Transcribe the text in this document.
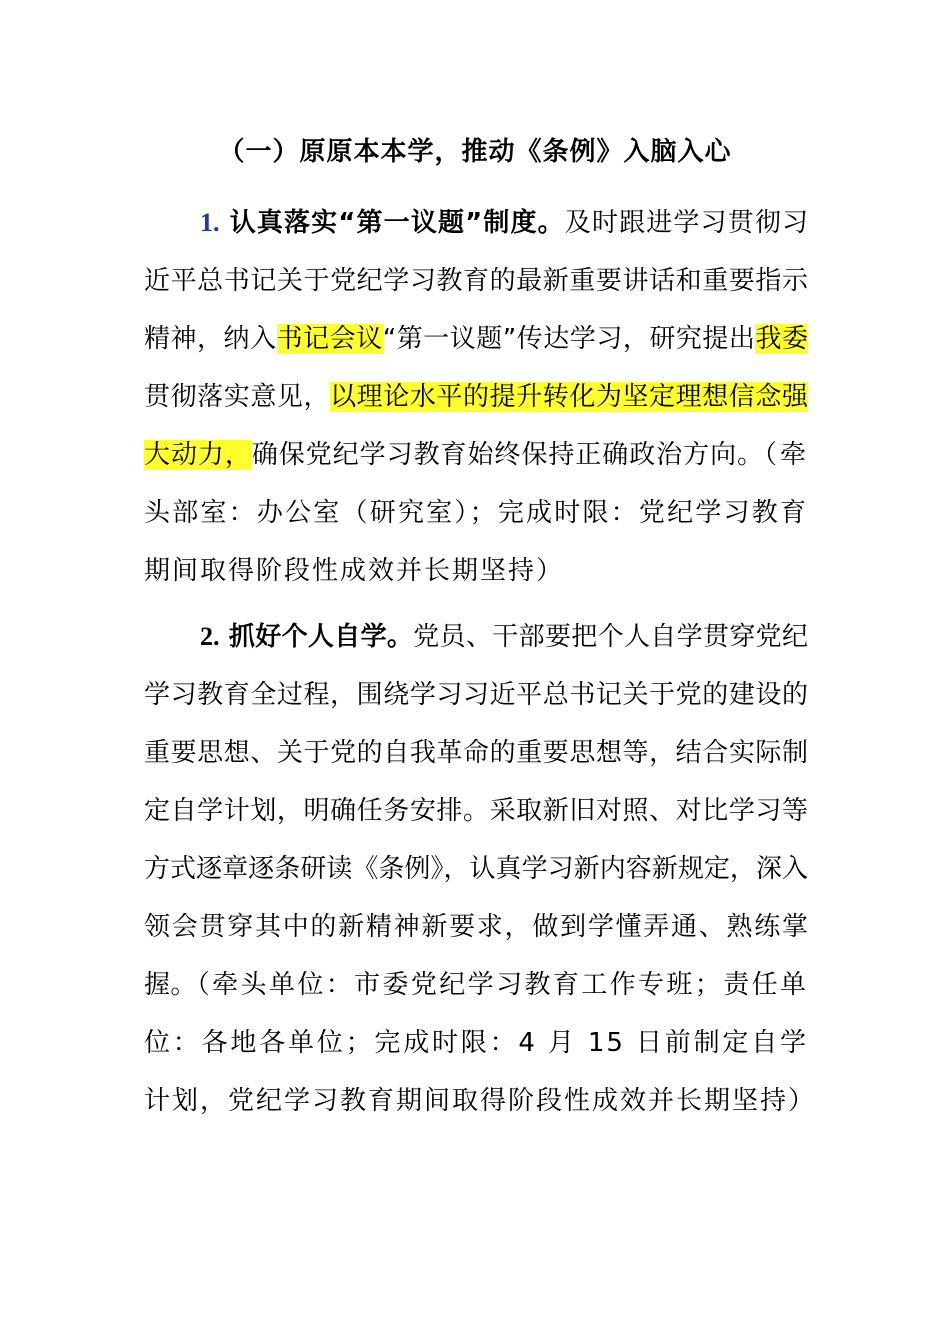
（一）原原本本学，推动《条例》入脑入心
1. 认真落实“第一议题”制度。及时跟进学习贯彻习近平总书记关于党纪学习教育的最新重要讲话和重要指示精神，纳入书记会议“第一议题”传达学习，研究提出我委贯彻落实意见，以理论水平的提升转化为坚定理想信念强大动力，确保党纪学习教育始终保持正确政治方向。（牵头部室：办公室（研究室）；完成时限：党纪学习教育期间取得阶段性成效并长期坚持）
2. 抓好个人自学。党员、干部要把个人自学贯穿党纪学习教育全过程，围绕学习习近平总书记关于党的建设的重要思想、关于党的自我革命的重要思想等，结合实际制定自学计划，明确任务安排。采取新旧对照、对比学习等方式逐章逐条研读《条例》，认真学习新内容新规定，深入领会贯穿其中的新精神新要求，做到学懂弄通、熟练掌握。（牵头单位：市委党纪学习教育工作专班；责任单位：各地各单位；完成时限：4 月 15 日前制定自学计划，党纪学习教育期间取得阶段性成效并长期坚持）
